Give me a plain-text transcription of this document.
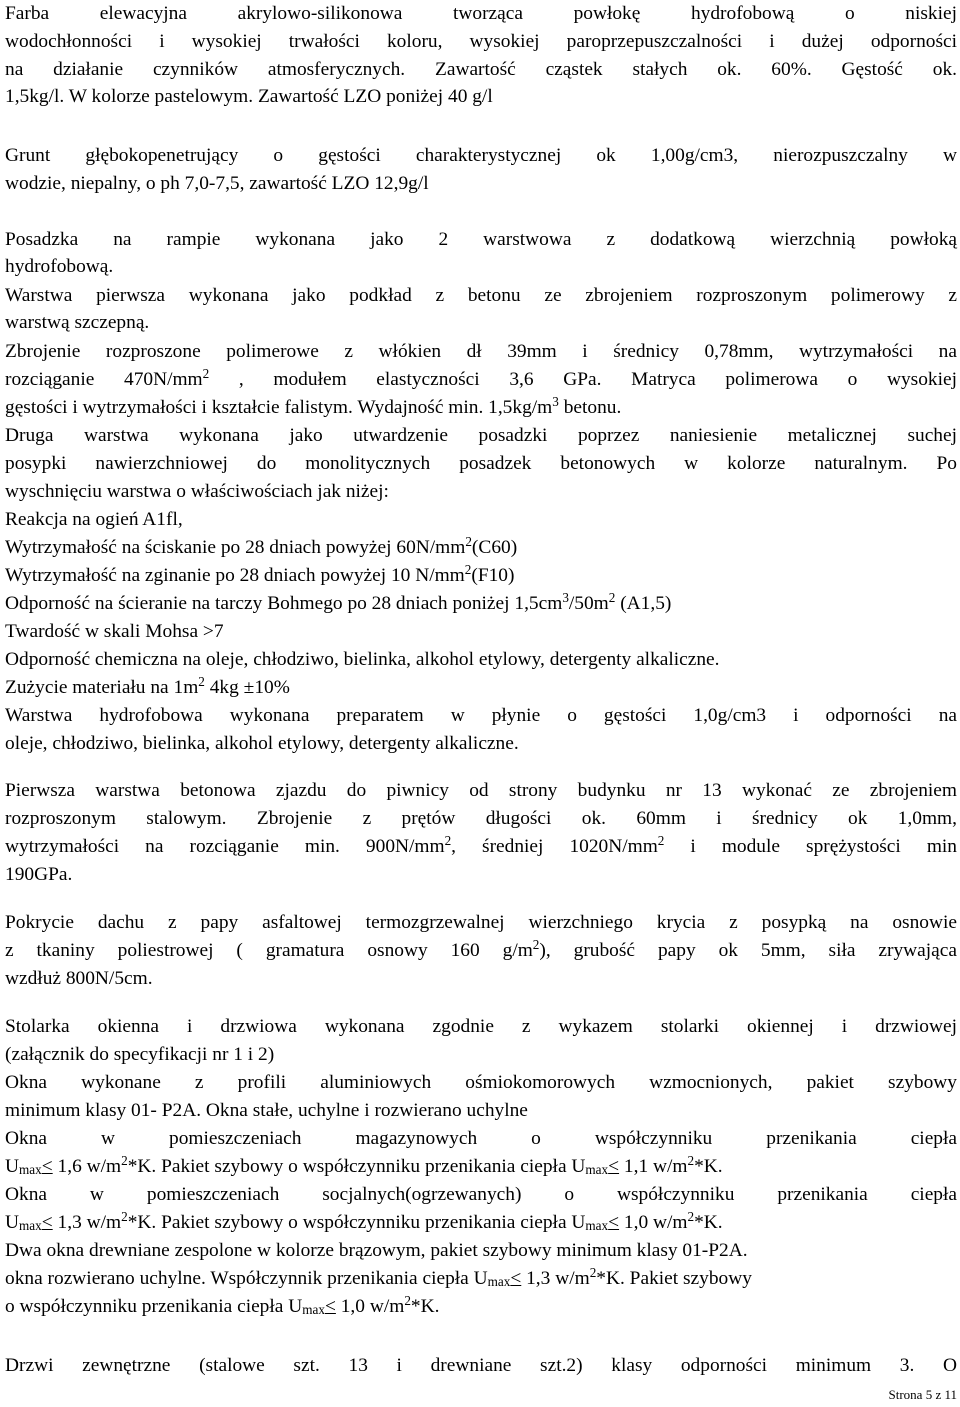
Farba elewacyjna akrylowo-silikonowa tworząca powłokę hydrofobową o niskiej
wodochłonności i wysokiej trwałości koloru, wysokiej paroprzepuszczalności i dużej odporności
na działanie czynników atmosferycznych. Zawartość cząstek stałych ok. 60%. Gęstość ok.
1,5kg/l. W kolorze pastelowym. Zawartość LZO poniżej 40 g/l
Grunt głębokopenetrujący o gęstości charakterystycznej ok 1,00g/cm3, nierozpuszczalny w
wodzie, niepalny, o ph 7,0-7,5, zawartość LZO 12,9g/l
Posadzka na rampie wykonana jako 2 warstwowa z dodatkową wierzchnią powłoką
hydrofobową.
Warstwa pierwsza wykonana jako podkład z betonu ze zbrojeniem rozproszonym polimerowy z
warstwą szczepną.
Zbrojenie rozproszone polimerowe z włókien dł 39mm i średnicy 0,78mm, wytrzymałości na
rozciąganie $470N/mm^2$ , modułem elastyczności 3,6 GPa. Matryca polimerowa o wysokiej
gęstości i wytrzymałości i kształcie falistym. Wydajność min. $1,5kg/m^3$ betonu.
Druga warstwa wykonana jako utwardzenie posadzki poprzez naniesienie metalicznej suchej
posypki nawierzchniowej do monolitycznych posadzek betonowych w kolorze naturalnym. Po
wyschnięciu warstwa o właściwościach jak niżej:
Reakcja na ogień A1fl,
Wytrzymałość na ściskanie po 28 dniach powyżej $60N/mm^2(C60)$
Wytrzymałość na zginanie po 28 dniach powyżej 10 $N/mm^2(F10)$
Odporność na ścieranie na tarczy Bohmego po 28 dniach poniżej $1,5cm^3/50m^2$ (A1,5)
Twardość w skali Mohsa >7
Odporność chemiczna na oleje, chłodziwo, bielinka, alkohol etylowy, detergenty alkaliczne.
Zużycie materiału na $1m^2$ 4kg ±10%
Warstwa hydrofobowa wykonana preparatem w płynie o gęstości 1,0g/cm3 i odporności na
oleje, chłodziwo, bielinka, alkohol etylowy, detergenty alkaliczne.
Pierwsza warstwa betonowa zjazdu do piwnicy od strony budynku nr 13 wykonać ze zbrojeniem
rozproszonym stalowym. Zbrojenie z prętów długości ok. 60mm i średnicy ok 1,0mm,
wytrzymałości na rozciąganie min. $900N/mm^2$, średniej $1020N/mm^2$ i module sprężystości min
190GPa.
Pokrycie dachu z papy asfaltowej termozgrzewalnej wierzchniego krycia z posypką na osnowie
z tkaniny poliestrowej ( gramatura osnowy 160 $g/m^2$), grubość papy ok 5mm, siła zrywająca
wzdłuż 800N/5cm.
Stolarka okienna i drzwiowa wykonana zgodnie z wykazem stolarki okiennej i drzwiowej
(załącznik do specyfikacji nr 1 i 2)
Okna wykonane z profili aluminiowych ośmiokomorowych wzmocnionych, pakiet szybowy
minimum klasy 01- P2A. Okna stałe, uchylne i rozwierano uchylne
Okna w pomieszczeniach magazynowych o współczynniku przenikania ciepła
$U_{max}< 1,6$ $w/m^2*K$. Pakiet szybowy o współczynniku przenikania ciepła $U_{max}< 1,1$ $w/m^2*K$.
Okna w pomieszczeniach socjalnych(ogrzewanych) o współczynniku przenikania ciepła
$U_{max}< 1,3$ $w/m^2*K$. Pakiet szybowy o współczynniku przenikania ciepła $U_{max}< 1,0$ $w/m^2*K$.
Dwa okna drewniane zespolone w kolorze brązowym, pakiet szybowy minimum klasy 01-P2A.
okna rozwierano uchylne. Współczynnik przenikania ciepła $U_{max}< 1,3$ $w/m^2*K$. Pakiet szybowy
o współczynniku przenikania ciepła $U_{max}< 1,0$ $w/m^2*K$.
Drzwi zewnętrzne (stalowe szt. 13 i drewniane szt.2) klasy odporności minimum 3. O
Strona 5 z 11
